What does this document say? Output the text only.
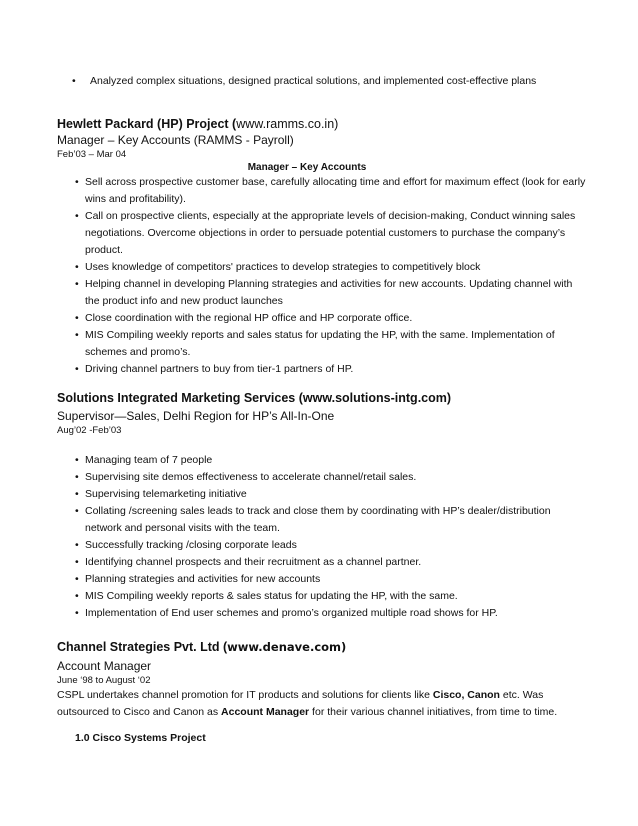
• Analyzed complex situations, designed practical solutions, and implemented cost-effective plans
Hewlett Packard (HP) Project (www.ramms.co.in)
Manager – Key Accounts (RAMMS - Payroll)
Feb’03 – Mar 04
Manager – Key Accounts
• Sell across prospective customer base, carefully allocating time and effort for maximum effect (look for early wins and profitability).
• Call on prospective clients, especially at the appropriate levels of decision-making, Conduct winning sales negotiations. Overcome objections in order to persuade potential customers to purchase the company’s product.
• Uses knowledge of competitors' practices to develop strategies to competitively block
• Helping channel in developing Planning strategies and activities for new accounts. Updating channel with the product info and new product launches
• Close coordination with the regional HP office and HP corporate office.
• MIS Compiling weekly reports and sales status for updating the HP, with the same. Implementation of schemes and promo’s.
• Driving channel partners to buy from tier-1 partners of HP.
Solutions Integrated Marketing Services (www.solutions-intg.com)
Supervisor—Sales, Delhi Region for HP’s All-In-One
Aug’02 -Feb’03
• Managing team of 7 people
• Supervising site demos effectiveness to accelerate channel/retail sales.
• Supervising telemarketing initiative
• Collating /screening sales leads to track and close them by coordinating with HP’s dealer/distribution network and personal visits with the team.
• Successfully tracking /closing corporate leads
• Identifying channel prospects and their recruitment as a channel partner.
• Planning strategies and activities for new accounts
• MIS Compiling weekly reports & sales status for updating the HP, with the same.
• Implementation of End user schemes and promo’s organized multiple road shows for HP.
Channel Strategies Pvt. Ltd (www.denave.com)
Account Manager
June ‘98 to August ‘02
CSPL undertakes channel promotion for IT products and solutions for clients like Cisco, Canon etc. Was outsourced to Cisco and Canon as Account Manager for their various channel initiatives, from time to time.
1.0 Cisco Systems Project
